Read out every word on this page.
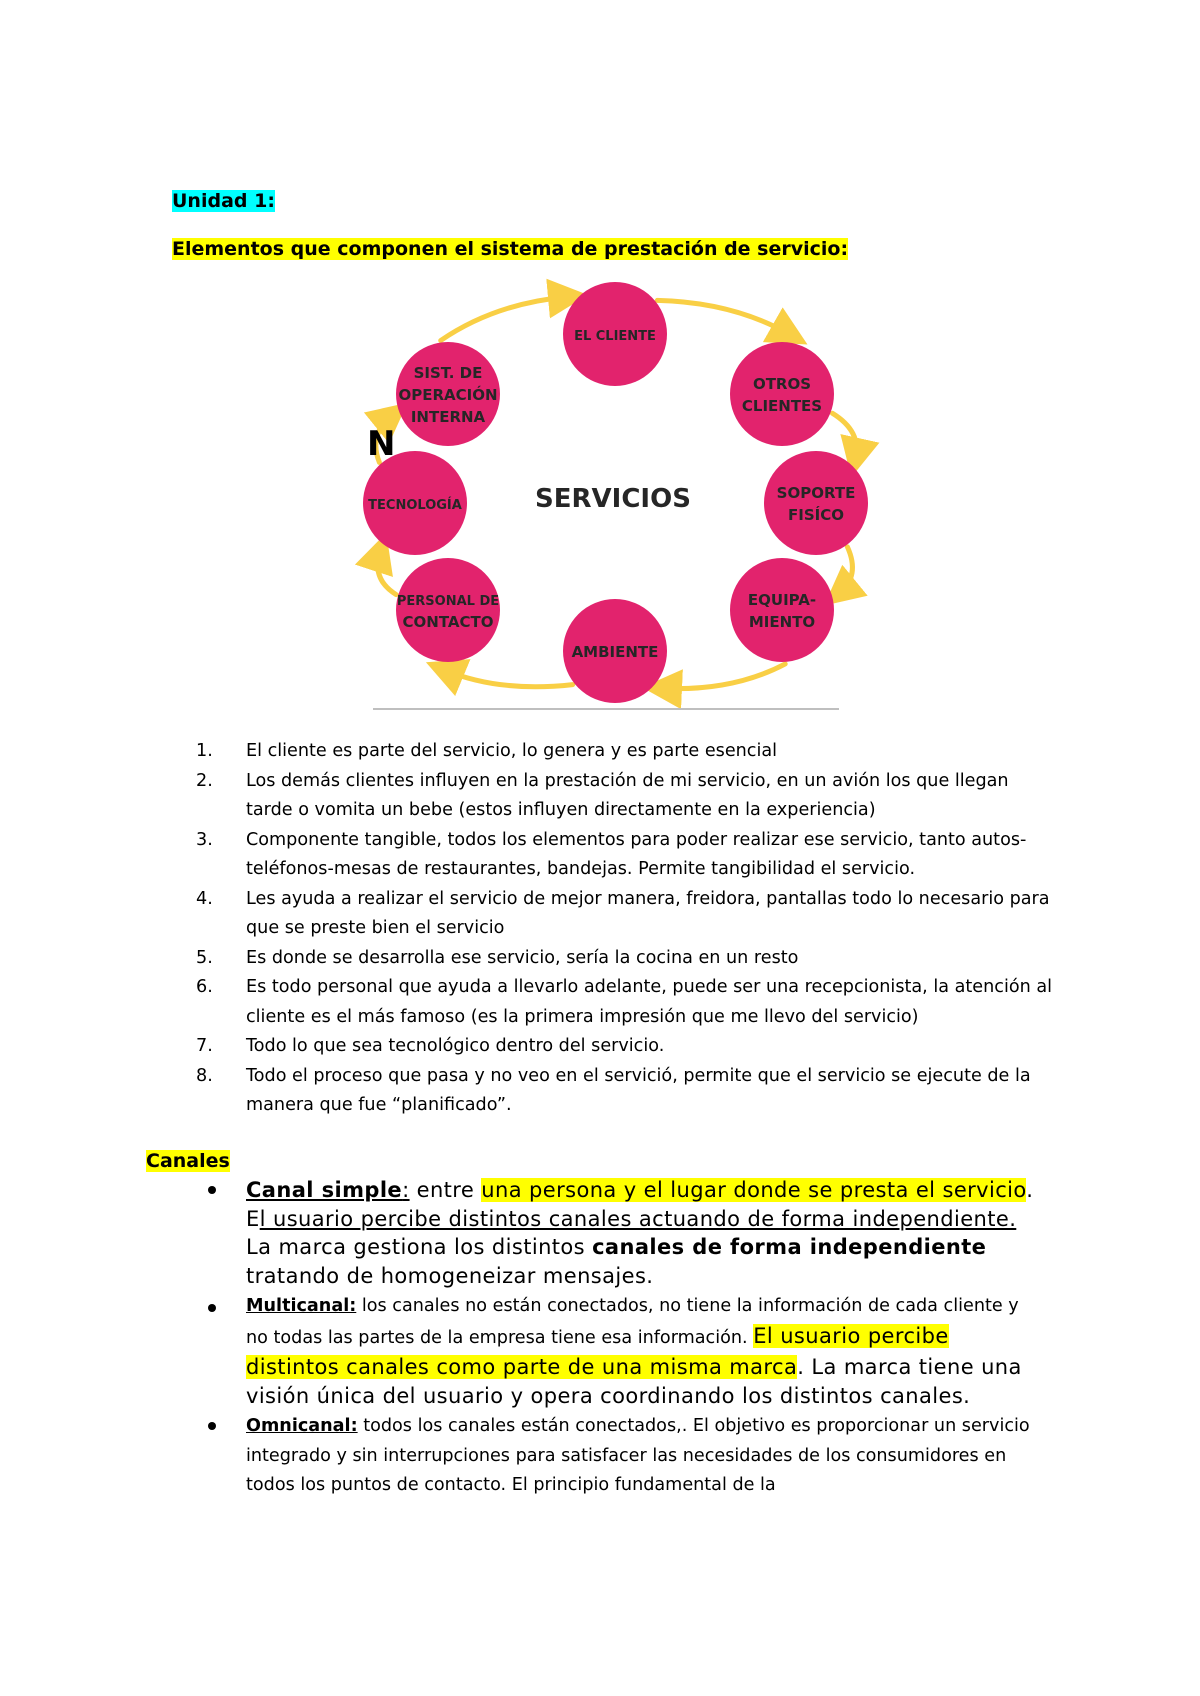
Unidad 1:
Elementos que componen el sistema de prestación de servicio:
N
EL CLIENTE
OTROS
CLIENTES
SOPORTE
FISÍCO
EQUIPA-
MIENTO
AMBIENTE
PERSONAL DE
CONTACTO
TECNOLOGÍA
SIST. DE
OPERACIÓN
INTERNA
SERVICIOS
1. El cliente es parte del servicio, lo genera y es parte esencial
2. Los demás clientes influyen en la prestación de mi servicio, en un avión los que llegan tarde o vomita un bebe (estos influyen directamente en la experiencia)
3. Componente tangible, todos los elementos para poder realizar ese servicio, tanto autos-teléfonos-mesas de restaurantes, bandejas. Permite tangibilidad el servicio.
4. Les ayuda a realizar el servicio de mejor manera, freidora, pantallas todo lo necesario para que se preste bien el servicio
5. Es donde se desarrolla ese servicio, sería la cocina en un resto
6. Es todo personal que ayuda a llevarlo adelante, puede ser una recepcionista, la atención al cliente es el más famoso (es la primera impresión que me llevo del servicio)
7. Todo lo que sea tecnológico dentro del servicio.
8. Todo el proceso que pasa y no veo en el servició, permite que el servicio se ejecute de la manera que fue “planificado”.
Canales
Canal simple: entre una persona y el lugar donde se presta el servicio. El usuario percibe distintos canales actuando de forma independiente. La marca gestiona los distintos canales de forma independiente tratando de homogeneizar mensajes.
Multicanal: los canales no están conectados, no tiene la información de cada cliente y no todas las partes de la empresa tiene esa información. El usuario percibe distintos canales como parte de una misma marca. La marca tiene una visión única del usuario y opera coordinando los distintos canales.
Omnicanal: todos los canales están conectados,. El objetivo es proporcionar un servicio integrado y sin interrupciones para satisfacer las necesidades de los consumidores en todos los puntos de contacto. El principio fundamental de la
